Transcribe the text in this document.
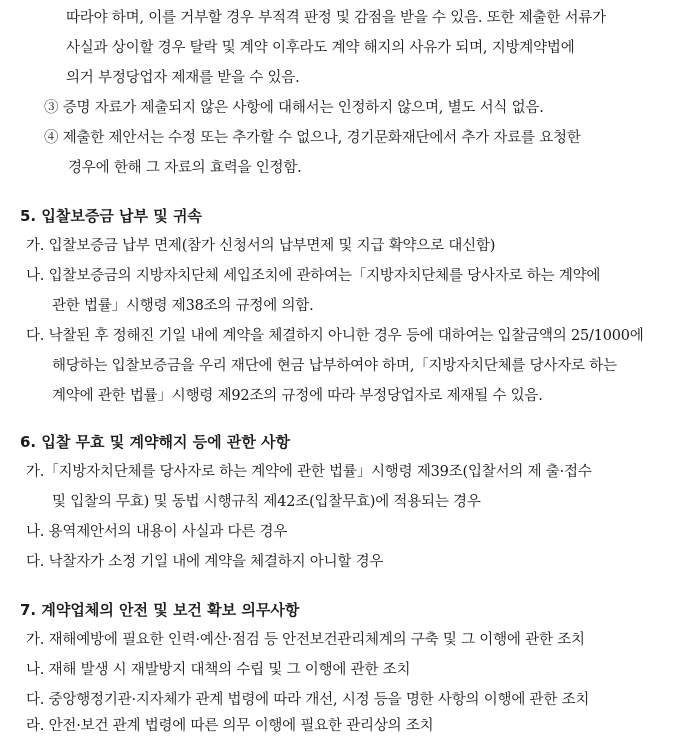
따라야 하며, 이를 거부할 경우 부적격 판정 및 감점을 받을 수 있음. 또한 제출한 서류가
사실과 상이할 경우 탈락 및 계약 이후라도 계약 해지의 사유가 되며, 지방계약법에
의거 부정당업자 제재를 받을 수 있음.
③ 증명 자료가 제출되지 않은 사항에 대해서는 인정하지 않으며, 별도 서식 없음.
④ 제출한 제안서는 수정 또는 추가할 수 없으나, 경기문화재단에서 추가 자료를 요청한
경우에 한해 그 자료의 효력을 인정함.
5. 입찰보증금 납부 및 귀속
가. 입찰보증금 납부 면제(참가 신청서의 납부면제 및 지급 확약으로 대신함)
나. 입찰보증금의 지방자치단체 세입조치에 관하여는「지방자치단체를 당사자로 하는 계약에
관한 법률」시행령 제38조의 규정에 의함.
다. 낙찰된 후 정해진 기일 내에 계약을 체결하지 아니한 경우 등에 대하여는 입찰금액의 25/1000에
해당하는 입찰보증금을 우리 재단에 현금 납부하여야 하며,「지방자치단체를 당사자로 하는
계약에 관한 법률」시행령 제92조의 규정에 따라 부정당업자로 제재될 수 있음.
6. 입찰 무효 및 계약해지 등에 관한 사항
가.「지방자치단체를 당사자로 하는 계약에 관한 법률」시행령 제39조(입찰서의 제 출·접수
및 입찰의 무효) 및 동법 시행규칙 제42조(입찰무효)에 적용되는 경우
나. 용역제안서의 내용이 사실과 다른 경우
다. 낙찰자가 소정 기일 내에 계약을 체결하지 아니할 경우
7. 계약업체의 안전 및 보건 확보 의무사항
가. 재해예방에 필요한 인력·예산·점검 등 안전보건관리체계의 구축 및 그 이행에 관한 조치
나. 재해 발생 시 재발방지 대책의 수립 및 그 이행에 관한 조치
다. 중앙행정기관·지자체가 관계 법령에 따라 개선, 시정 등을 명한 사항의 이행에 관한 조치
라. 안전·보건 관계 법령에 따른 의무 이행에 필요한 관리상의 조치
